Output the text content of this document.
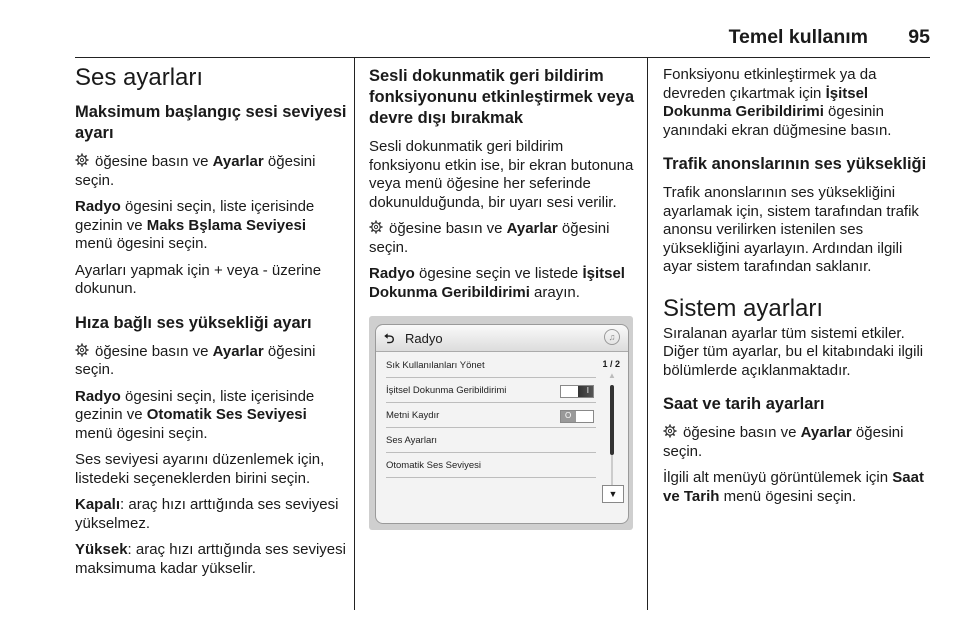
Temel kullanım 95
Ses ayarları
Maksimum başlangıç sesi seviyesi ayarı

öğesine basın ve Ayarlar öğesini seçin.

Radyo ögesini seçin, liste içerisinde gezinin ve Maks Bşlama Seviyesi menü ögesini seçin.

Ayarları yapmak için + veya - üzerine dokunun.

Hıza bağlı ses yüksekliği ayarı

öğesine basın ve Ayarlar öğesini seçin.

Radyo ögesini seçin, liste içerisinde gezinin ve Otomatik Ses Seviyesi menü ögesini seçin.

Ses seviyesi ayarını düzenlemek için, listedeki seçeneklerden birini seçin.

Kapalı: araç hızı arttığında ses seviyesi yükselmez.

Yüksek: araç hızı arttığında ses seviyesi maksimuma kadar yükselir.

Sesli dokunmatik geri bildirim fonksiyonunu etkinleştirmek veya devre dışı bırakmak

Sesli dokunmatik geri bildirim fonksiyonu etkin ise, bir ekran butonuna veya menü öğesine her seferinde dokunulduğunda, bir uyarı sesi verilir.

öğesine basın ve Ayarlar öğesini seçin.

Radyo ögesine seçin ve listede İşitsel Dokunma Geribildirimi arayın.

⮌ Radyo	♫
1 / 2
Sık Kullanılanları Yönet
İşitsel Dokunma Geribildirimi	I
Metni Kaydır	O
Ses Ayarları
Otomatik Ses Seviyesi
▲
▼

Fonksiyonu etkinleştirmek ya da devreden çıkartmak için İşitsel Dokunma Geribildirimi ögesinin yanındaki ekran düğmesine basın.

Trafik anonslarının ses yüksekliği

Trafik anonslarının ses yüksekliğini ayarlamak için, sistem tarafından trafik anonsu verilirken istenilen ses yüksekliğini ayarlayın. Ardından ilgili ayar sistem tarafından saklanır.

Sistem ayarları

Sıralanan ayarlar tüm sistemi etkiler. Diğer tüm ayarlar, bu el kitabındaki ilgili bölümlerde açıklanmaktadır.

Saat ve tarih ayarları

öğesine basın ve Ayarlar öğesini seçin.

İlgili alt menüyü görüntülemek için Saat ve Tarih menü ögesini seçin.
